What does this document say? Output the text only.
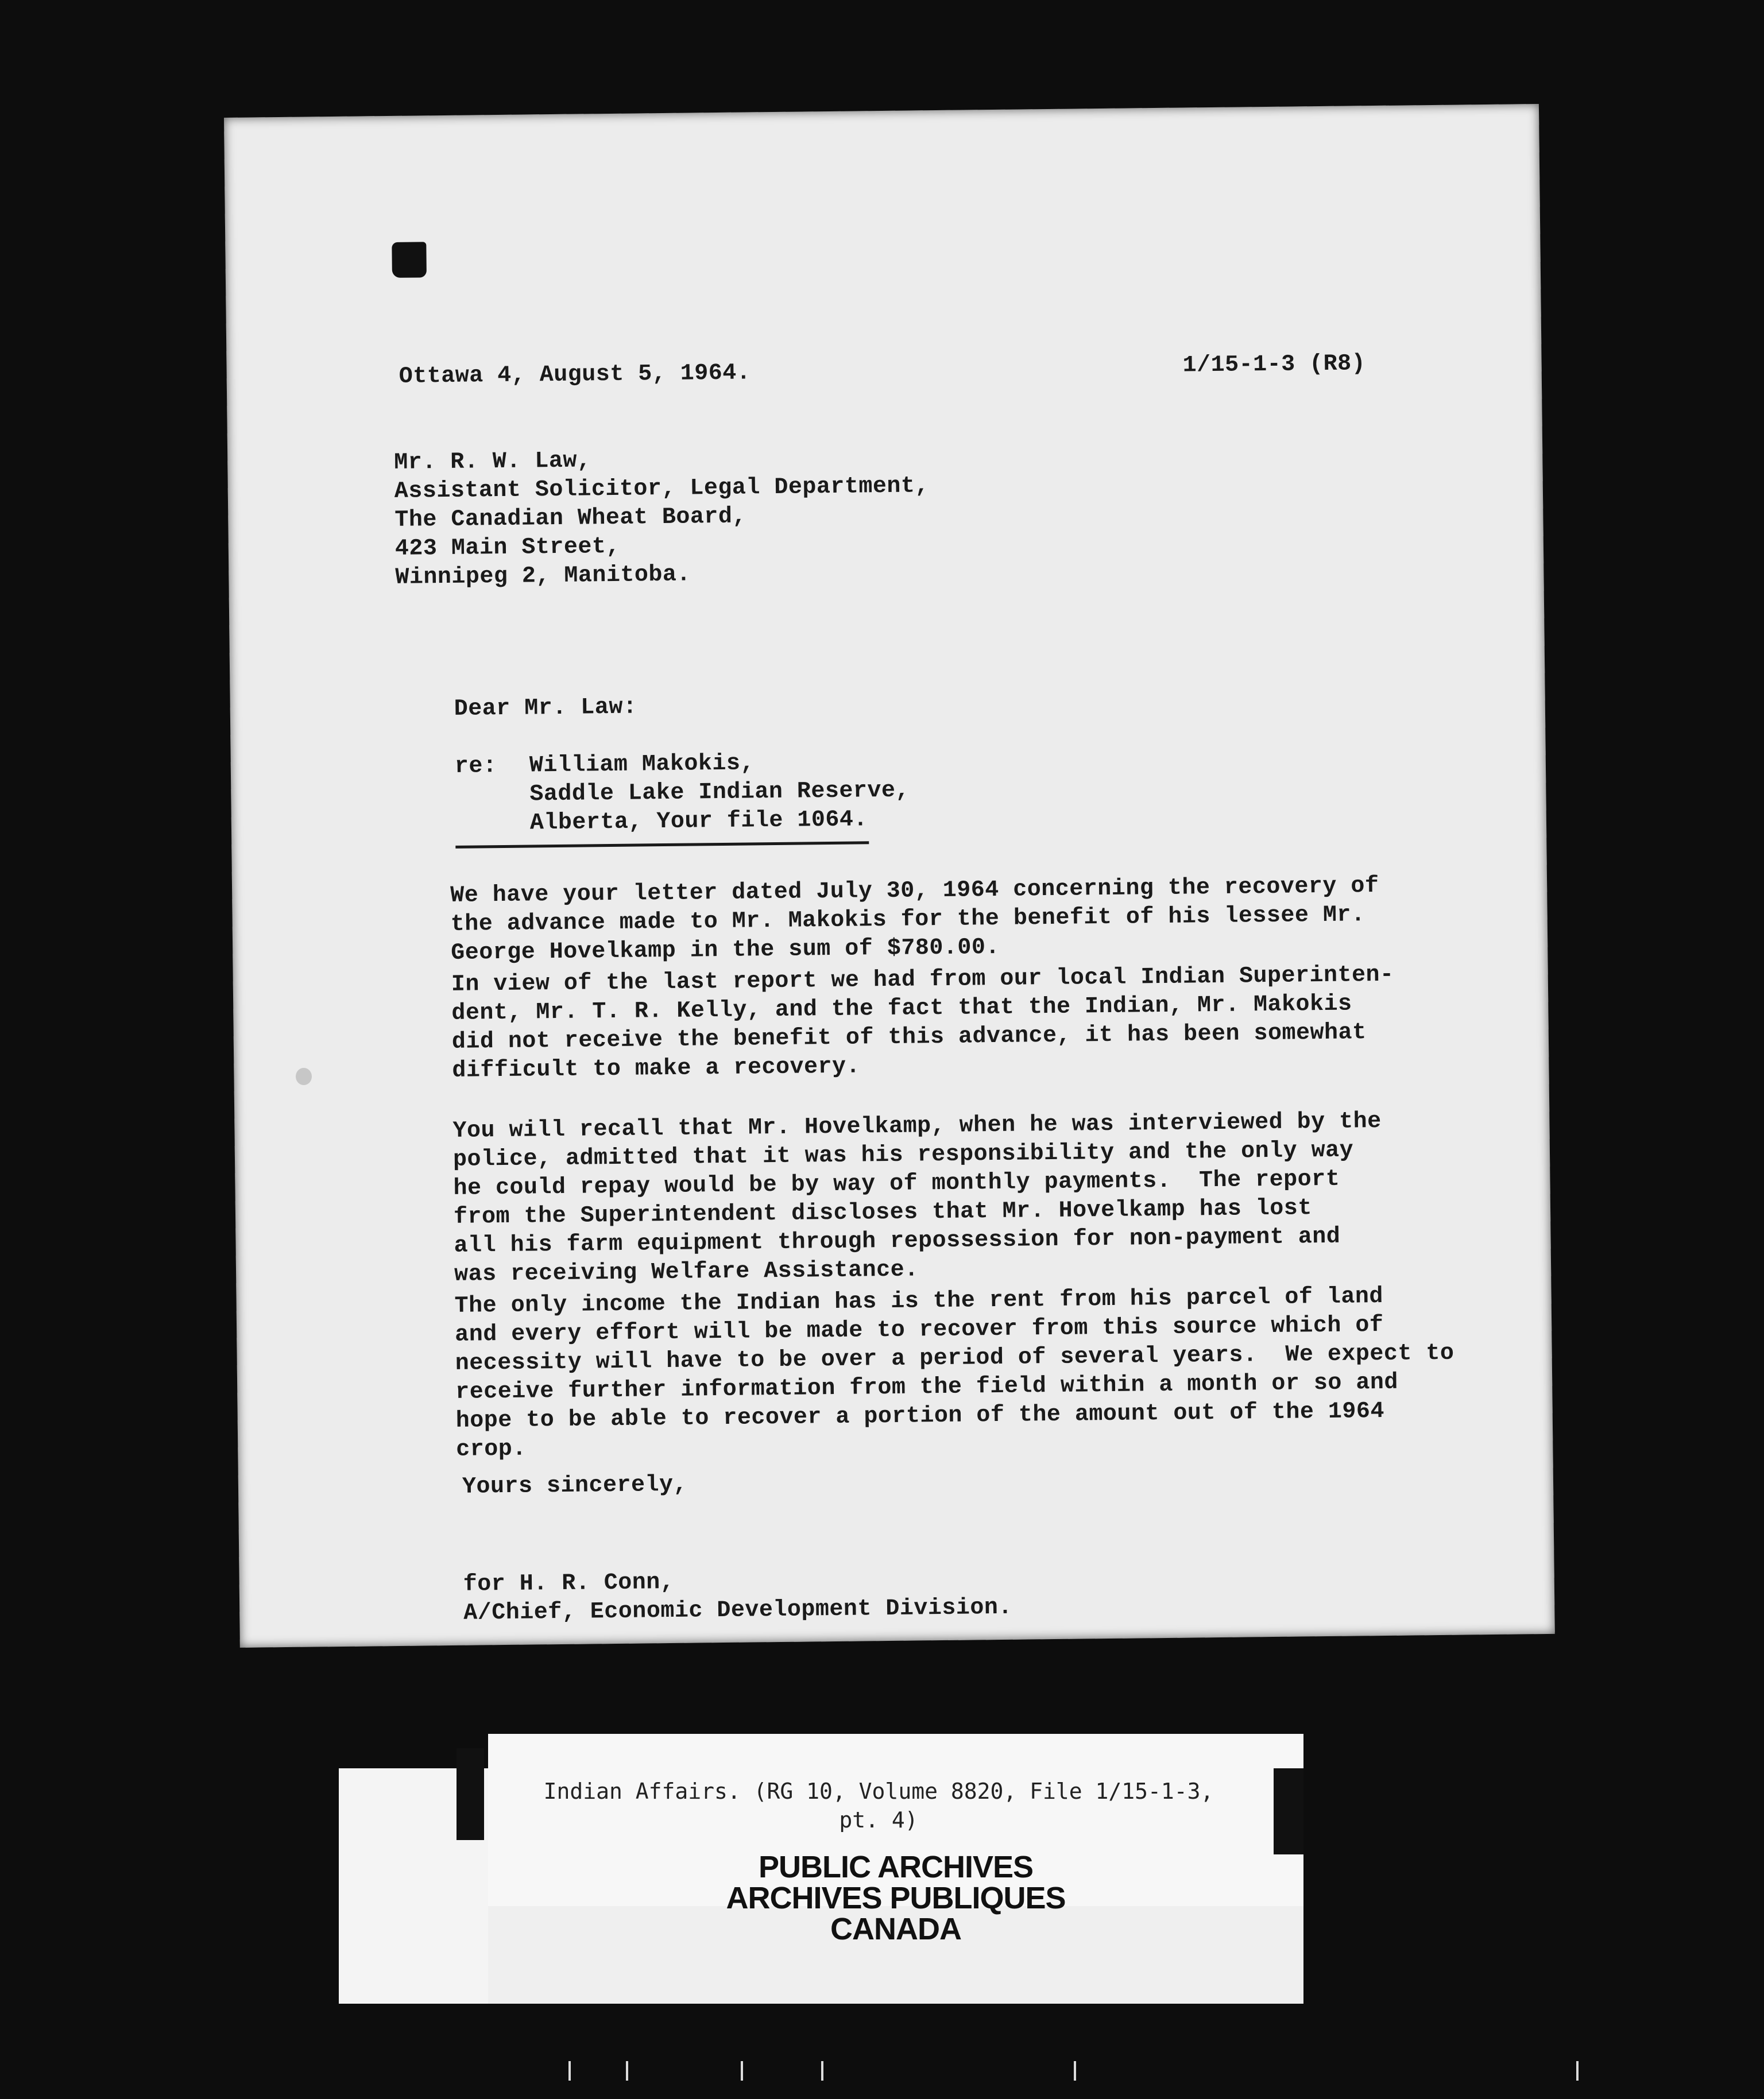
Ottawa 4, August 5, 1964.	1/15-1-3 (R8)
Mr. R. W. Law,
Assistant Solicitor, Legal Department,
The Canadian Wheat Board,
423 Main Street,
Winnipeg 2, Manitoba.
Dear Mr. Law:
re: William Makokis,
Saddle Lake Indian Reserve,
Alberta, Your file 1064.
We have your letter dated July 30, 1964 concerning the recovery of
the advance made to Mr. Makokis for the benefit of his lessee Mr.
George Hovelkamp in the sum of $780.00.
In view of the last report we had from our local Indian Superinten-
dent, Mr. T. R. Kelly, and the fact that the Indian, Mr. Makokis
did not receive the benefit of this advance, it has been somewhat
difficult to make a recovery.
You will recall that Mr. Hovelkamp, when he was interviewed by the
police, admitted that it was his responsibility and the only way
he could repay would be by way of monthly payments.  The report
from the Superintendent discloses that Mr. Hovelkamp has lost
all his farm equipment through repossession for non-payment and
was receiving Welfare Assistance.
The only income the Indian has is the rent from his parcel of land
and every effort will be made to recover from this source which of
necessity will have to be over a period of several years.  We expect to
receive further information from the field within a month or so and
hope to be able to recover a portion of the amount out of the 1964
crop.
Yours sincerely,
for H. R. Conn,
A/Chief, Economic Development Division.
Indian Affairs. (RG 10, Volume 8820, File 1/15-1-3,
pt. 4)
PUBLIC ARCHIVES
ARCHIVES PUBLIQUES
CANADA
